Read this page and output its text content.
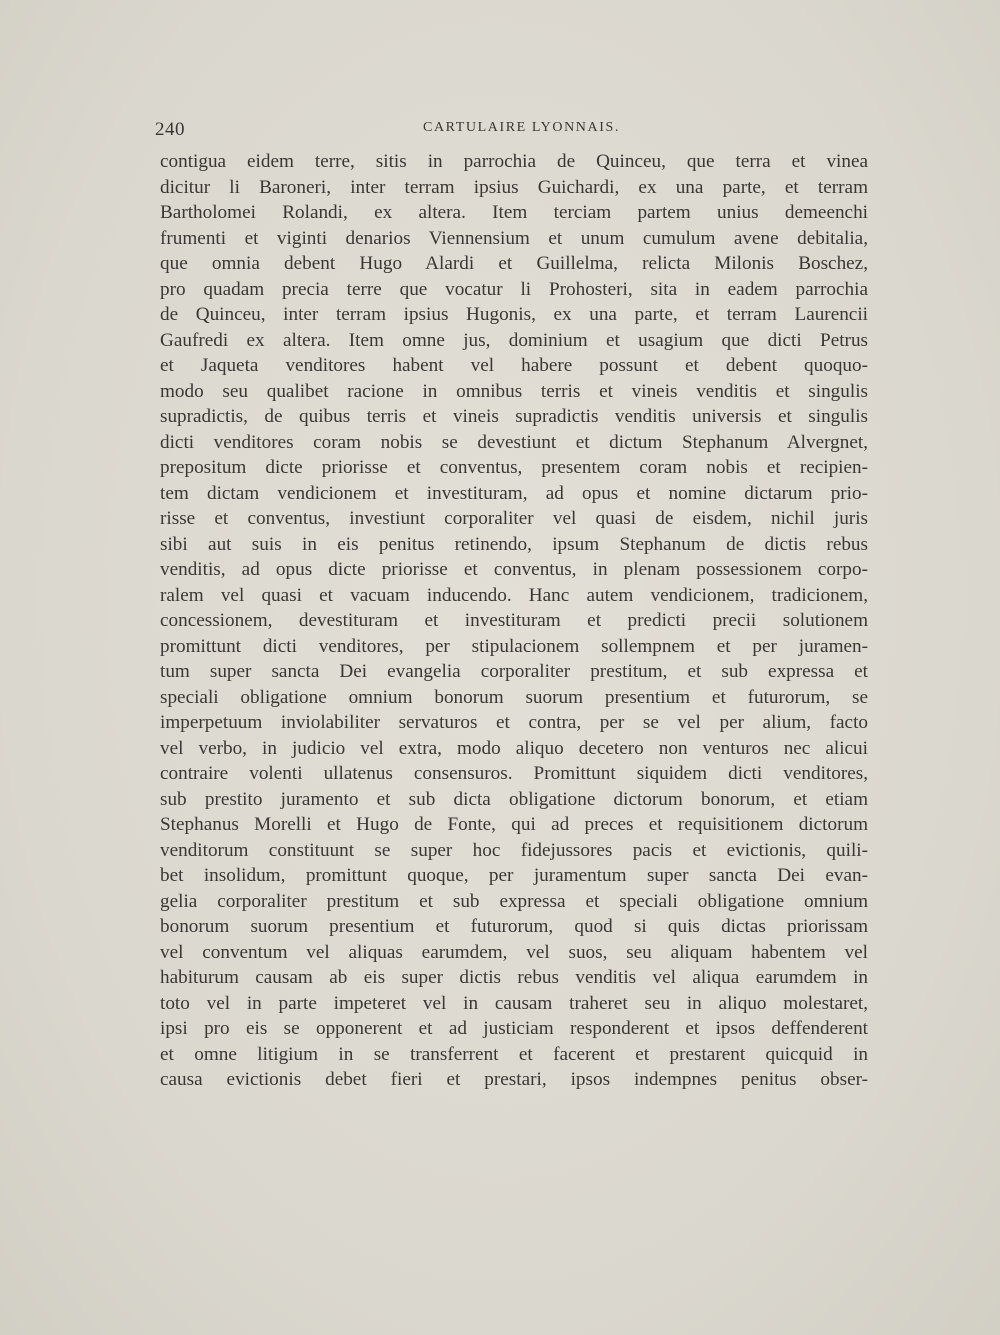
240	CARTULAIRE LYONNAIS.
contigua eidem terre, sitis in parrochia de Quinceu, que terra et vinea
dicitur li Baroneri, inter terram ipsius Guichardi, ex una parte, et terram
Bartholomei Rolandi, ex altera. Item terciam partem unius demeenchi
frumenti et viginti denarios Viennensium et unum cumulum avene debitalia,
que omnia debent Hugo Alardi et Guillelma, relicta Milonis Boschez,
pro quadam precia terre que vocatur li Prohosteri, sita in eadem parrochia
de Quinceu, inter terram ipsius Hugonis, ex una parte, et terram Laurencii
Gaufredi ex altera. Item omne jus, dominium et usagium que dicti Petrus
et Jaqueta venditores habent vel habere possunt et debent quoquo-
modo seu qualibet racione in omnibus terris et vineis venditis et singulis
supradictis, de quibus terris et vineis supradictis venditis universis et singulis
dicti venditores coram nobis se devestiunt et dictum Stephanum Alvergnet,
prepositum dicte priorisse et conventus, presentem coram nobis et recipien-
tem dictam vendicionem et investituram, ad opus et nomine dictarum prio-
risse et conventus, investiunt corporaliter vel quasi de eisdem, nichil juris
sibi aut suis in eis penitus retinendo, ipsum Stephanum de dictis rebus
venditis, ad opus dicte priorisse et conventus, in plenam possessionem corpo-
ralem vel quasi et vacuam inducendo. Hanc autem vendicionem, tradicionem,
concessionem, devestituram et investituram et predicti precii solutionem
promittunt dicti venditores, per stipulacionem sollempnem et per juramen-
tum super sancta Dei evangelia corporaliter prestitum, et sub expressa et
speciali obligatione omnium bonorum suorum presentium et futurorum, se
imperpetuum inviolabiliter servaturos et contra, per se vel per alium, facto
vel verbo, in judicio vel extra, modo aliquo decetero non venturos nec alicui
contraire volenti ullatenus consensuros. Promittunt siquidem dicti venditores,
sub prestito juramento et sub dicta obligatione dictorum bonorum, et etiam
Stephanus Morelli et Hugo de Fonte, qui ad preces et requisitionem dictorum
venditorum constituunt se super hoc fidejussores pacis et evictionis, quili-
bet insolidum, promittunt quoque, per juramentum super sancta Dei evan-
gelia corporaliter prestitum et sub expressa et speciali obligatione omnium
bonorum suorum presentium et futurorum, quod si quis dictas priorissam
vel conventum vel aliquas earumdem, vel suos, seu aliquam habentem vel
habiturum causam ab eis super dictis rebus venditis vel aliqua earumdem in
toto vel in parte impeteret vel in causam traheret seu in aliquo molestaret,
ipsi pro eis se opponerent et ad justiciam responderent et ipsos deffenderent
et omne litigium in se transferrent et facerent et prestarent quicquid in
causa evictionis debet fieri et prestari, ipsos indempnes penitus obser-
